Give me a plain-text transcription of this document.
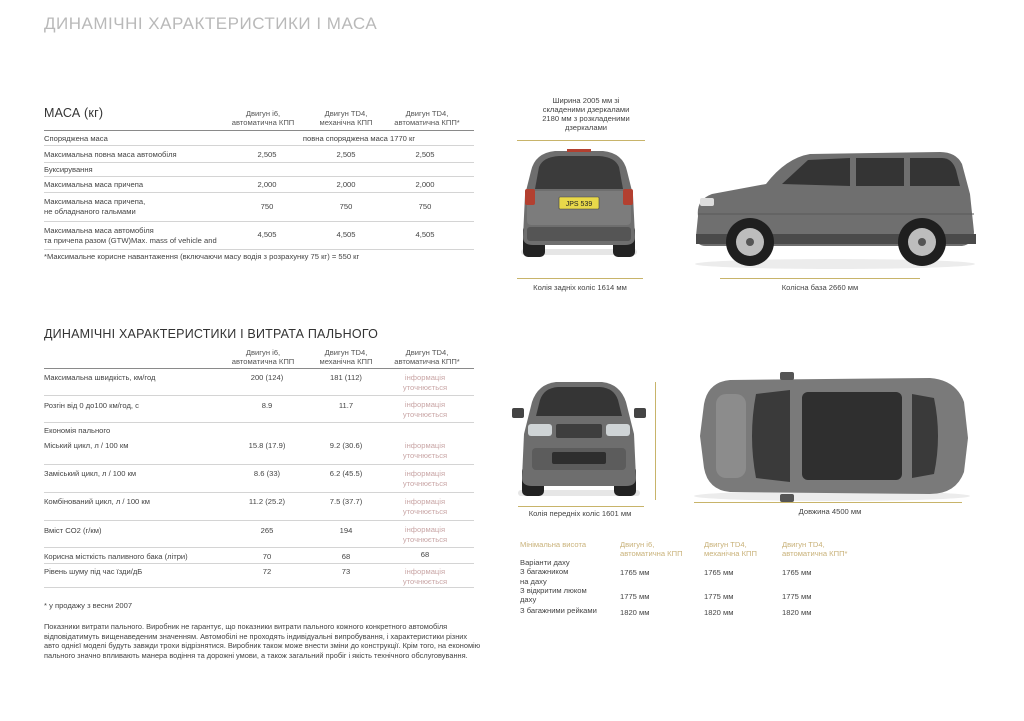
ДИНАМІЧНІ ХАРАКТЕРИСТИКИ І МАСА
МАСА (кг)	Двигун і6,
автоматична КПП
Двигун TD4,
механічна КПП
Двигун TD4,
автоматична КПП*
Споряджена маса	повна споряджена маса 1770 кг
Максимальна повна маса автомобіля	2,505	2,505	2,505
Буксирування
Максимальна маса причепа	2,000	2,000	2,000
Максимальна маса причепа,
не обладнаного гальмами	750	750	750
Максимальна маса автомобіля
та причепа разом (GTW)Max. mass of vehicle and
4,505	4,505	4,505
*Максимальне корисне навантаження (включаючи масу водія з розрахунку 75 кг) = 550 кг
ДИНАМІЧНІ ХАРАКТЕРИСТИКИ І ВИТРАТА ПАЛЬНОГО
Двигун і6,
автоматична КПП
Двигун TD4,
механічна КПП
Двигун TD4,
автоматична КПП*
Максимальна швидкість, км/год	200 (124)	181 (112)	інформація
уточнюється
Розгін від 0 до100 км/год, с	8.9	11.7	інформація
уточнюється
Економія пального
Міський цикл, л / 100 км	15.8 (17.9)	9.2 (30.6)	інформація
уточнюється
Заміський цикл, л / 100 км	8.6 (33)	6.2 (45.5)	інформація
уточнюється
Комбінований цикл, л / 100 км	11.2 (25.2)	7.5 (37.7)	інформація
уточнюється
Вміст CO2 (г/км)	265	194	інформація
уточнюється
Корисна місткість паливного бака (літри)	70	68	68
Рівень шуму під час їзди/дБ	72	73	інформація
уточнюється
* у продажу з весни 2007
Показники витрати пального. Виробник не гарантує, що показники витрати пального кожного конкретного автомобіля відповідатимуть вищенаведеним значенням. Автомобілі не проходять індивідуальні випробування, і характеристики різних авто однієї моделі будуть завжди трохи відрізнятися. Виробник також може внести зміни до конструкції. Крім того, на економію пального значно впливають манера водіння та дорожні умови, а також загальний пробіг і якість технічного обслуговування.
Ширина 2005 мм зі
складеними дзеркалами
2180 мм з розкладеними
дзеркалами
JPS 539
Колія задніх коліс 1614 мм	Колісна база 2660 мм
Колія передніх коліс 1601 мм	Довжина 4500 мм
Мінімальна висота	Двигун і6,
автоматична КПП
Двигун TD4,
механічна КПП
Двигун TD4,
автоматична КПП*
Варіанти даху
З багажником
на даху
1765 мм	1765 мм	1765 мм
З відкритим люком
даху	1775 мм	1775 мм	1775 мм
З багажними рейками	1820 мм	1820 мм	1820 мм
